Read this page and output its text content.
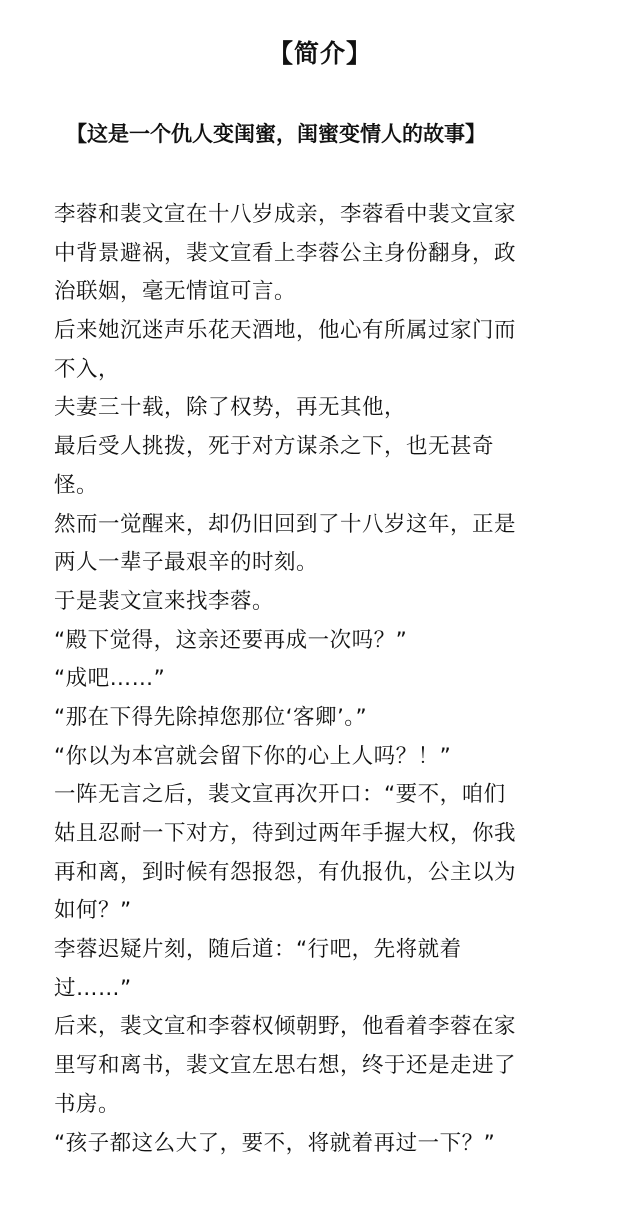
【简介】
【这是一个仇人变闺蜜，闺蜜变情人的故事】
李蓉和裴文宣在十八岁成亲，李蓉看中裴文宣家
中背景避祸，裴文宣看上李蓉公主身份翻身，政
治联姻，毫无情谊可言。
后来她沉迷声乐花天酒地，他心有所属过家门而
不入，
夫妻三十载，除了权势，再无其他，
最后受人挑拨，死于对方谋杀之下，也无甚奇
怪。
然而一觉醒来，却仍旧回到了十八岁这年，正是
两人一辈子最艰辛的时刻。
于是裴文宣来找李蓉。
“殿下觉得，这亲还要再成一次吗？”
“成吧……”
“那在下得先除掉您那位‘客卿’。”
“你以为本宫就会留下你的心上人吗？！”
一阵无言之后，裴文宣再次开口：“要不，咱们
姑且忍耐一下对方，待到过两年手握大权，你我
再和离，到时候有怨报怨，有仇报仇，公主以为
如何？”
李蓉迟疑片刻，随后道：“行吧，先将就着
过……”
后来，裴文宣和李蓉权倾朝野，他看着李蓉在家
里写和离书，裴文宣左思右想，终于还是走进了
书房。
“孩子都这么大了，要不，将就着再过一下？”
